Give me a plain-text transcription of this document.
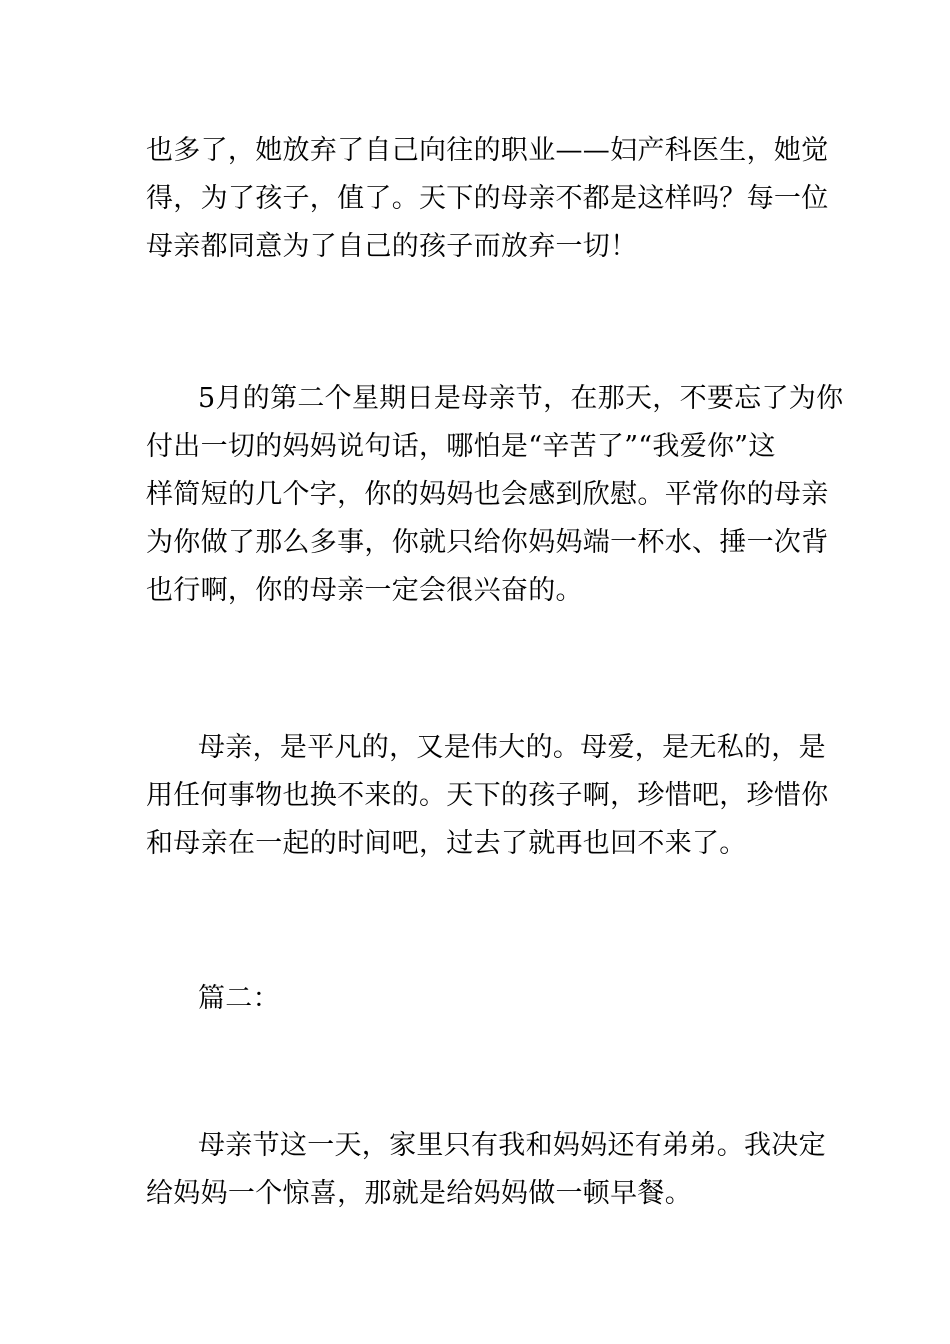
也多了，她放弃了自己向往的职业——妇产科医生，她觉
得，为了孩子，值了。天下的母亲不都是这样吗？每一位
母亲都同意为了自己的孩子而放弃一切！

5月的第二个星期日是母亲节，在那天，不要忘了为你
付出一切的妈妈说句话，哪怕是“辛苦了”“我爱你”这
样简短的几个字，你的妈妈也会感到欣慰。平常你的母亲
为你做了那么多事，你就只给你妈妈端一杯水、捶一次背
也行啊，你的母亲一定会很兴奋的。

母亲，是平凡的，又是伟大的。母爱，是无私的，是
用任何事物也换不来的。天下的孩子啊，珍惜吧，珍惜你
和母亲在一起的时间吧，过去了就再也回不来了。

篇二：

母亲节这一天，家里只有我和妈妈还有弟弟。我决定
给妈妈一个惊喜，那就是给妈妈做一顿早餐。
